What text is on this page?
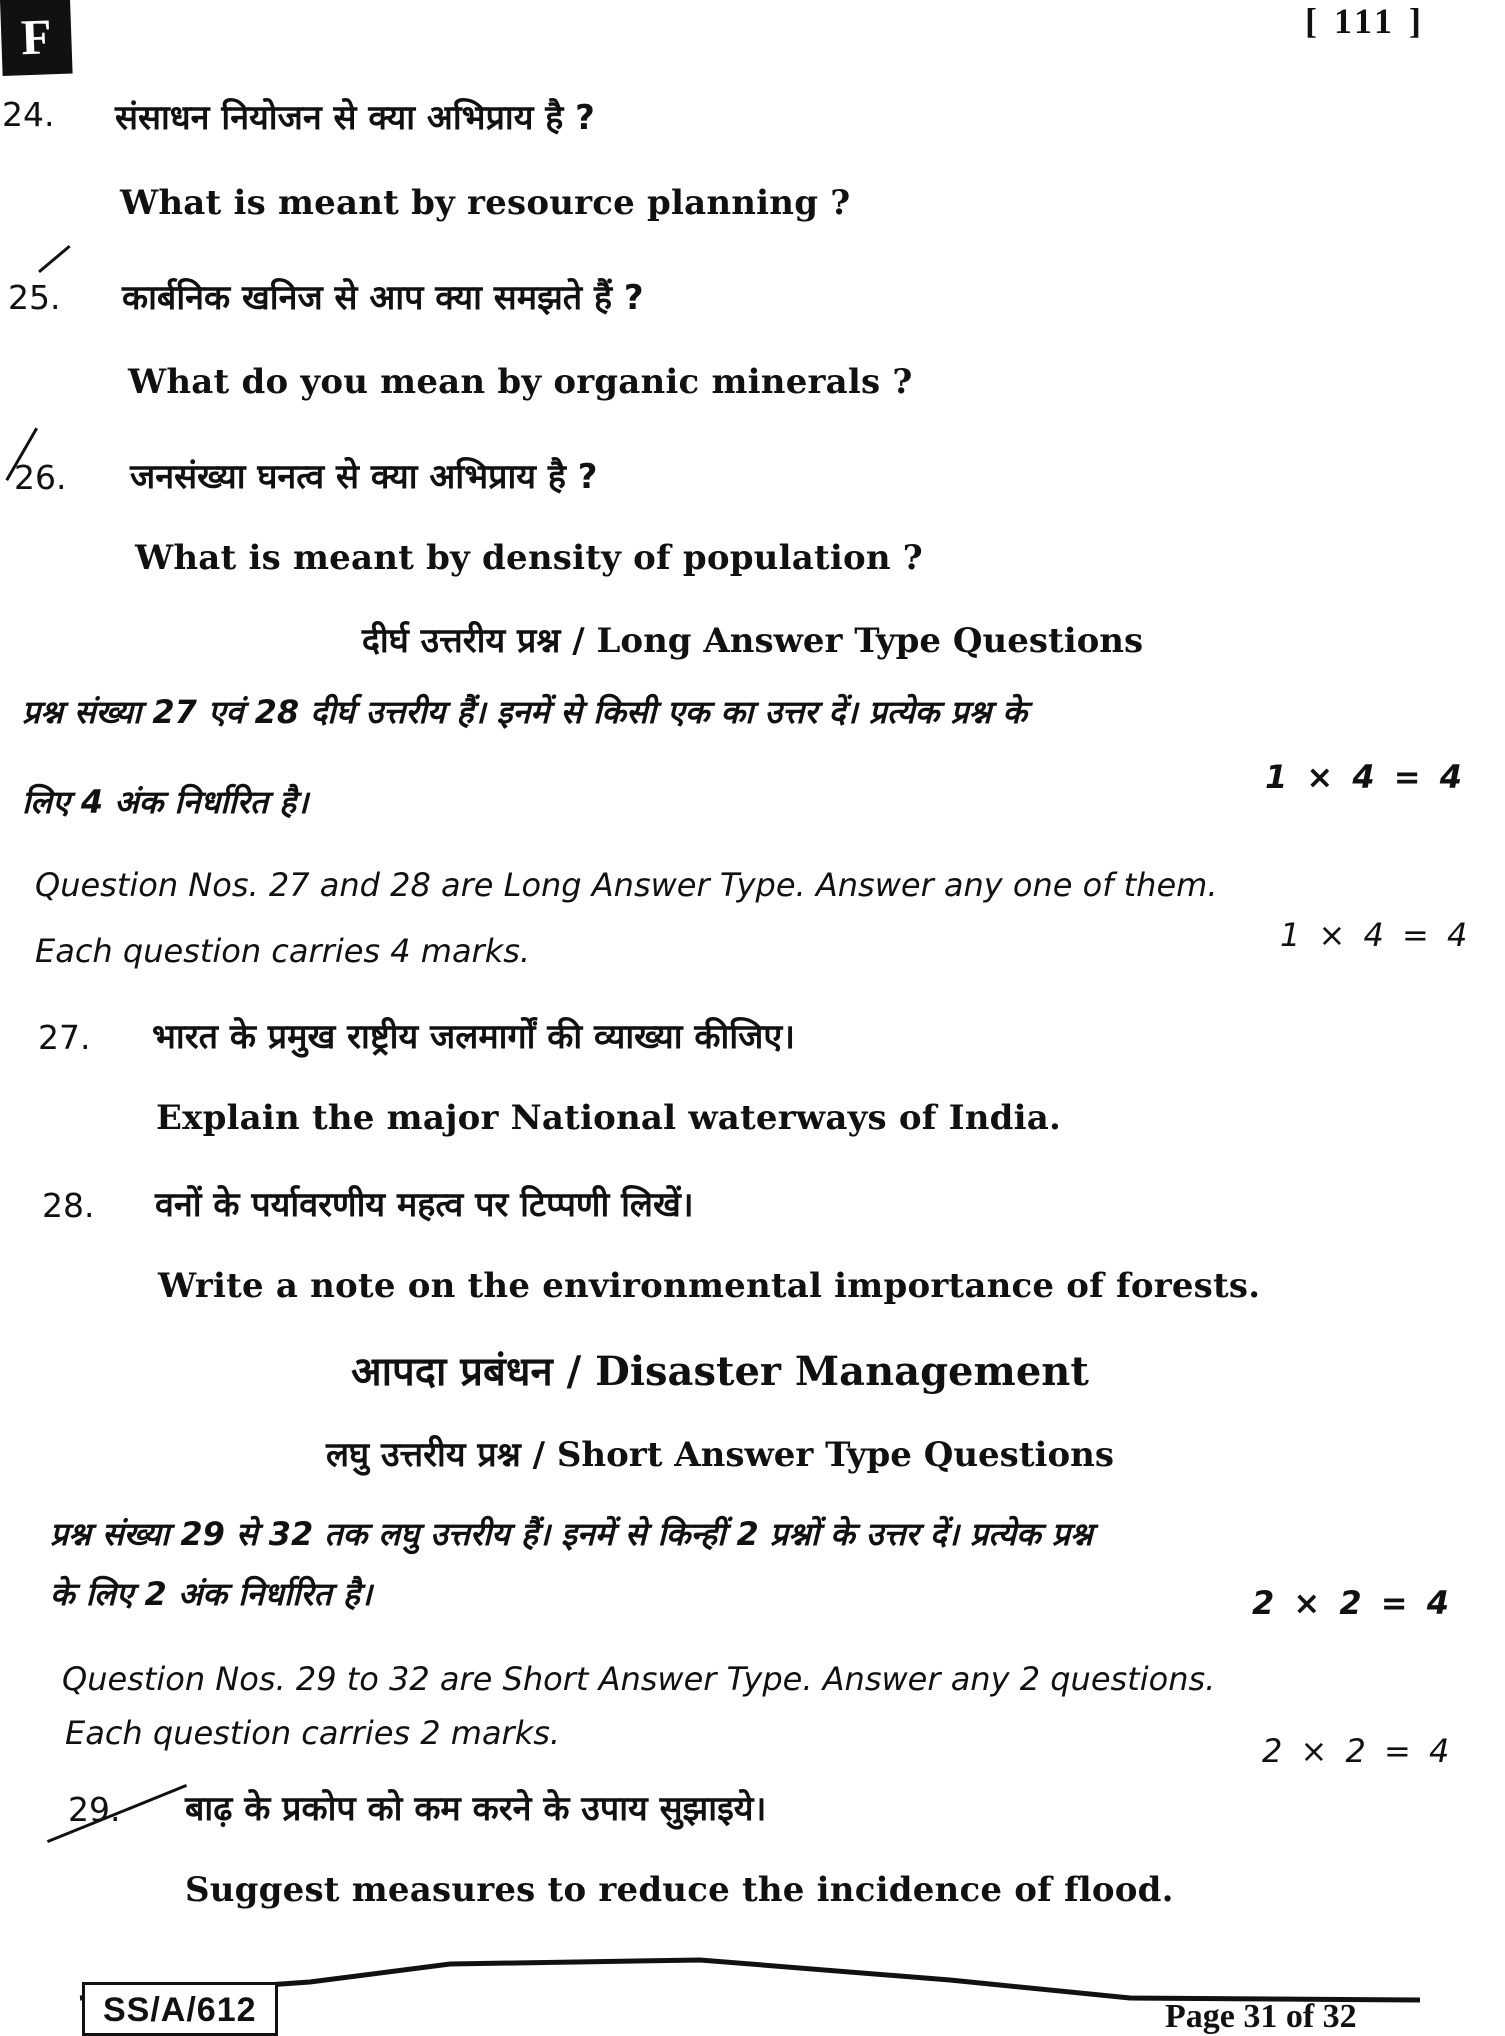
F	[ 111 ]
24. संसाधन नियोजन से क्या अभिप्राय है ?
What is meant by resource planning ?
25. कार्बनिक खनिज से आप क्या समझते हैं ?
What do you mean by organic minerals ?
26. जनसंख्या घनत्व से क्या अभिप्राय है ?
What is meant by density of population ?
दीर्घ उत्तरीय प्रश्न / Long Answer Type Questions
प्रश्न संख्या 27 एवं 28 दीर्घ उत्तरीय हैं। इनमें से किसी एक का उत्तर दें। प्रत्येक प्रश्न के
लिए 4 अंक निर्धारित है।
1 × 4 = 4
Question Nos. 27 and 28 are Long Answer Type. Answer any one of them.
Each question carries 4 marks.	1 × 4 = 4
27. भारत के प्रमुख राष्ट्रीय जलमार्गों की व्याख्या कीजिए।
Explain the major National waterways of India.
28. वनों के पर्यावरणीय महत्व पर टिप्पणी लिखें।
Write a note on the environmental importance of forests.
आपदा प्रबंधन / Disaster Management
लघु उत्तरीय प्रश्न / Short Answer Type Questions
प्रश्न संख्या 29 से 32 तक लघु उत्तरीय हैं। इनमें से किन्हीं 2 प्रश्नों के उत्तर दें। प्रत्येक प्रश्न
के लिए 2 अंक निर्धारित है।	2 × 2 = 4
Question Nos. 29 to 32 are Short Answer Type. Answer any 2 questions.
Each question carries 2 marks.	2 × 2 = 4
29. बाढ़ के प्रकोप को कम करने के उपाय सुझाइये।
Suggest measures to reduce the incidence of flood.
SS/A/612	Page 31 of 32
